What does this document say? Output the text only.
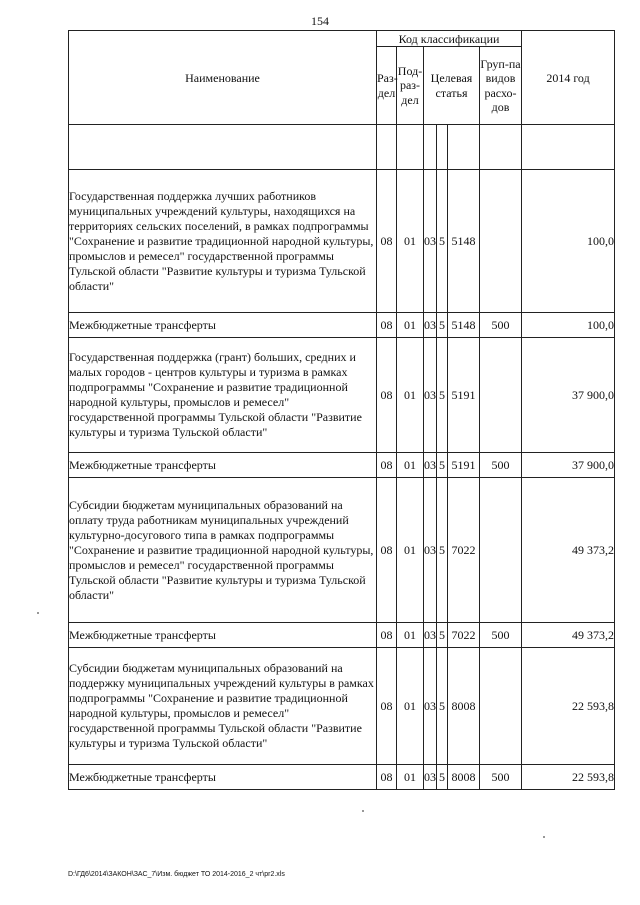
154
Наименование	Код классификации						2014 год
	Раз-дел	Под-раз-дел	Целевая статья			Груп-па видов расхо-дов	

Государственная поддержка лучших работников муниципальных учреждений культуры, находящихся на территориях сельских поселений, в рамках подпрограммы "Сохранение и развитие традиционной народной культуры, промыслов и ремесел" государственной программы Тульской области "Развитие культуры и туризма Тульской области"	08	01	03	5	5148		100,0
Межбюджетные трансферты	08	01	03	5	5148	500	100,0
Государственная поддержка (грант) больших, средних и малых городов - центров культуры и туризма в рамках подпрограммы "Сохранение и развитие традиционной народной культуры, промыслов и ремесел" государственной программы Тульской области "Развитие культуры и туризма Тульской области"	08	01	03	5	5191		37 900,0
Межбюджетные трансферты	08	01	03	5	5191	500	37 900,0
Субсидии бюджетам муниципальных образований на оплату труда работникам муниципальных учреждений культурно-досугового типа в рамках подпрограммы "Сохранение и развитие традиционной народной культуры, промыслов и ремесел" государственной программы Тульской области "Развитие культуры и туризма Тульской области"	08	01	03	5	7022		49 373,2
Межбюджетные трансферты	08	01	03	5	7022	500	49 373,2
Субсидии бюджетам муниципальных образований на поддержку муниципальных учреждений культуры в рамках подпрограммы "Сохранение и развитие традиционной народной культуры, промыслов и ремесел" государственной программы Тульской области "Развитие культуры и туризма Тульской области"	08	01	03	5	8008		22 593,8
Межбюджетные трансферты	08	01	03	5	8008	500	22 593,8
D:\ГД6\2014\ЗАКОН\ЗАС_7\Изм. бюджет ТО 2014-2016_2 чт\pr2.xls
